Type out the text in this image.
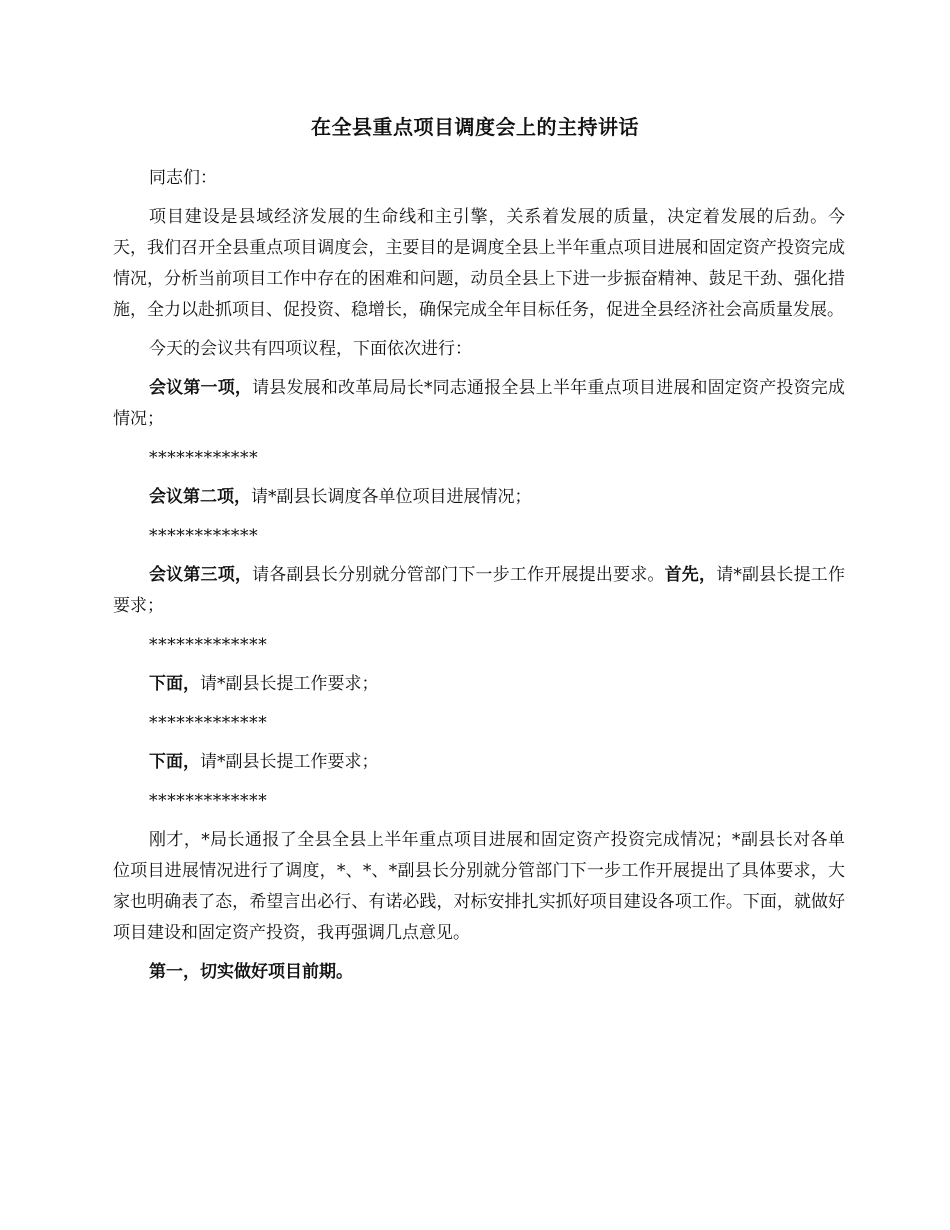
在全县重点项目调度会上的主持讲话

同志们：

项目建设是县域经济发展的生命线和主引擎，关系着发展的质量，决定着发展的后劲。今天，我们召开全县重点项目调度会，主要目的是调度全县上半年重点项目进展和固定资产投资完成情况，分析当前项目工作中存在的困难和问题，动员全县上下进一步振奋精神、鼓足干劲、强化措施，全力以赴抓项目、促投资、稳增长，确保完成全年目标任务，促进全县经济社会高质量发展。

今天的会议共有四项议程，下面依次进行：

会议第一项，请县发展和改革局局长*同志通报全县上半年重点项目进展和固定资产投资完成情况；

************

会议第二项，请*副县长调度各单位项目进展情况；

************

会议第三项，请各副县长分别就分管部门下一步工作开展提出要求。首先，请*副县长提工作要求；

*************

下面，请*副县长提工作要求；

*************

下面，请*副县长提工作要求；

*************

刚才，*局长通报了全县全县上半年重点项目进展和固定资产投资完成情况；*副县长对各单位项目进展情况进行了调度，*、*、*副县长分别就分管部门下一步工作开展提出了具体要求，大家也明确表了态，希望言出必行、有诺必践，对标安排扎实抓好项目建设各项工作。下面，就做好项目建设和固定资产投资，我再强调几点意见。

第一，切实做好项目前期。
